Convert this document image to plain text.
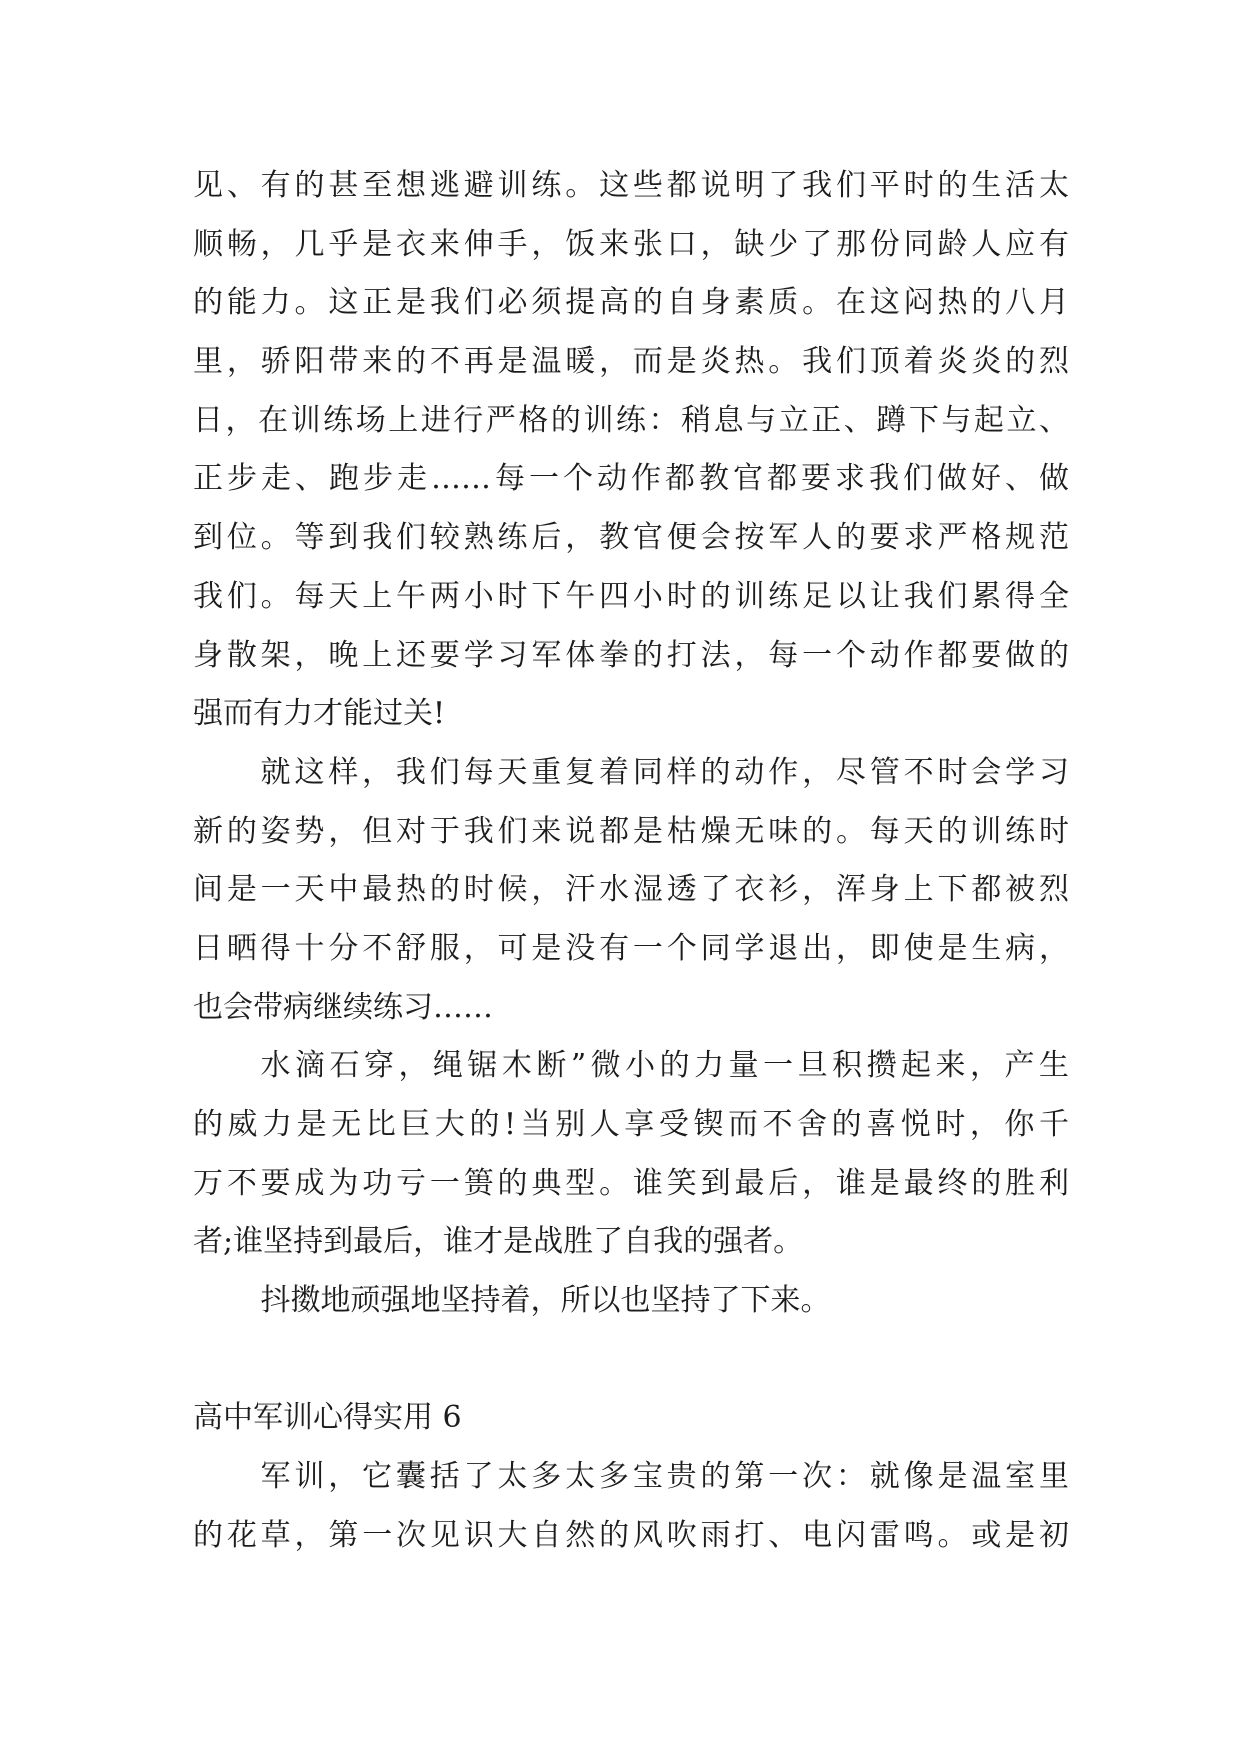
见、有的甚至想逃避训练。这些都说明了我们平时的生活太
顺畅，几乎是衣来伸手，饭来张口，缺少了那份同龄人应有
的能力。这正是我们必须提高的自身素质。在这闷热的八月
里，骄阳带来的不再是温暖，而是炎热。我们顶着炎炎的烈
日，在训练场上进行严格的训练：稍息与立正、蹲下与起立、
正步走、跑步走……每一个动作都教官都要求我们做好、做
到位。等到我们较熟练后，教官便会按军人的要求严格规范
我们。每天上午两小时下午四小时的训练足以让我们累得全
身散架，晚上还要学习军体拳的打法，每一个动作都要做的
强而有力才能过关!
就这样，我们每天重复着同样的动作，尽管不时会学习
新的姿势，但对于我们来说都是枯燥无味的。每天的训练时
间是一天中最热的时候，汗水湿透了衣衫，浑身上下都被烈
日晒得十分不舒服，可是没有一个同学退出，即使是生病，
也会带病继续练习……
水滴石穿，绳锯木断”微小的力量一旦积攒起来，产生
的威力是无比巨大的!当别人享受锲而不舍的喜悦时，你千
万不要成为功亏一篑的典型。谁笑到最后，谁是最终的胜利
者;谁坚持到最后，谁才是战胜了自我的强者。
抖擞地顽强地坚持着，所以也坚持了下来。
高中军训心得实用 6
军训，它囊括了太多太多宝贵的第一次：就像是温室里
的花草，第一次见识大自然的风吹雨打、电闪雷鸣。或是初
